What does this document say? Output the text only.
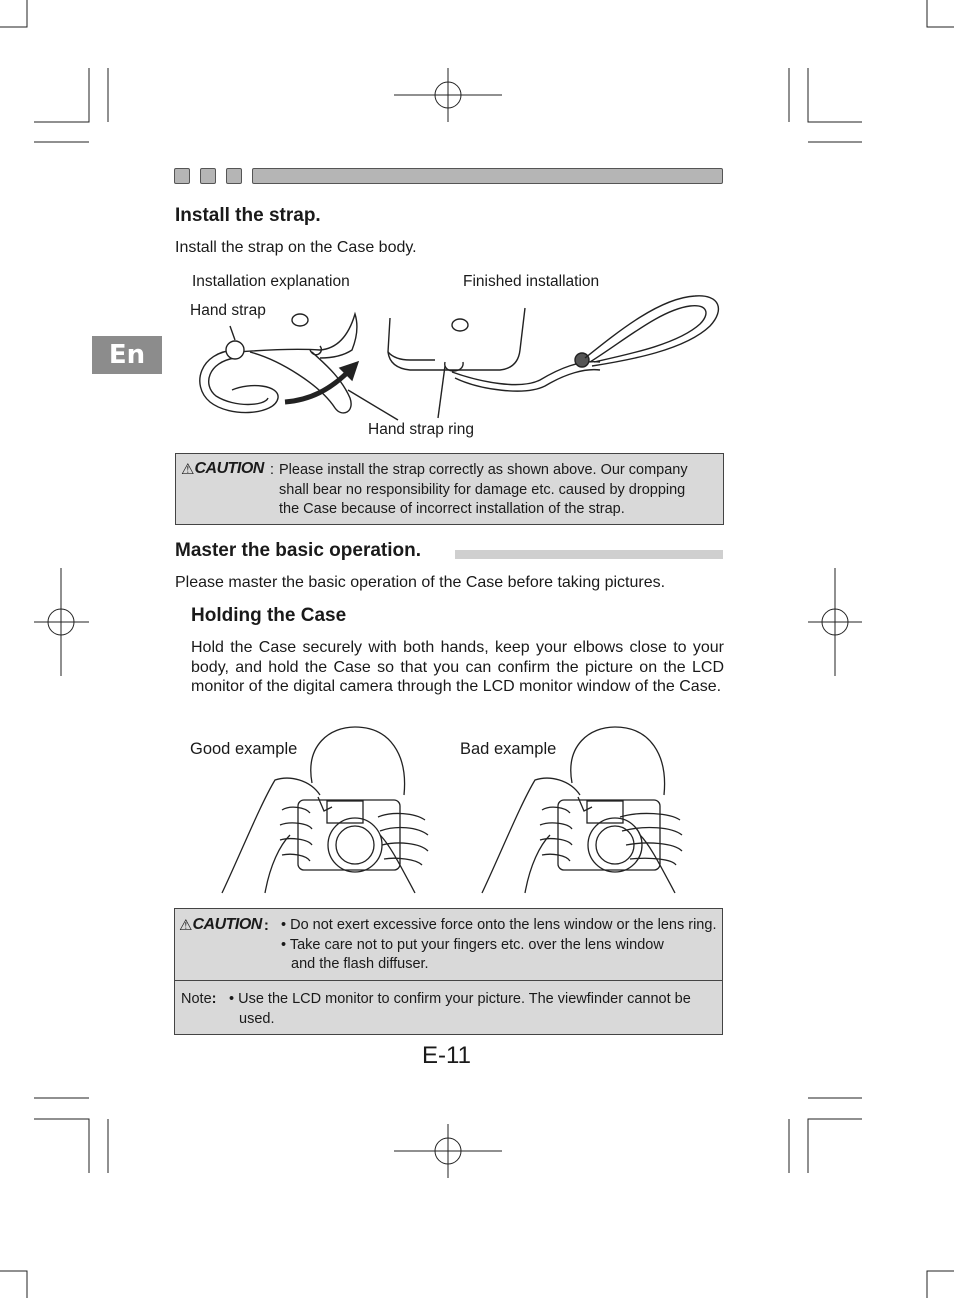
En
Install the strap.
Install the strap on the Case body.
Installation explanation	Finished installation
Hand strap
Hand strap ring
⚠ CAUTION : Please install the strap correctly as shown above. Our company
shall bear no responsibility for damage etc. caused by dropping
the Case because of incorrect installation of the strap.
Master the basic operation.
Please master the basic operation of the Case before taking pictures.
Holding the Case
Hold the Case securely with both hands, keep your elbows close to your body, and hold the Case so that you can confirm the picture on the LCD monitor of the digital camera through the LCD monitor window of the Case.
Good example	Bad example
⚠ CAUTION : • Do not exert excessive force onto the lens window or the lens ring.
• Take care not to put your fingers etc. over the lens window
and the flash diffuser.
Note: • Use the LCD monitor to confirm your picture. The viewfinder cannot be
used.
E-11
